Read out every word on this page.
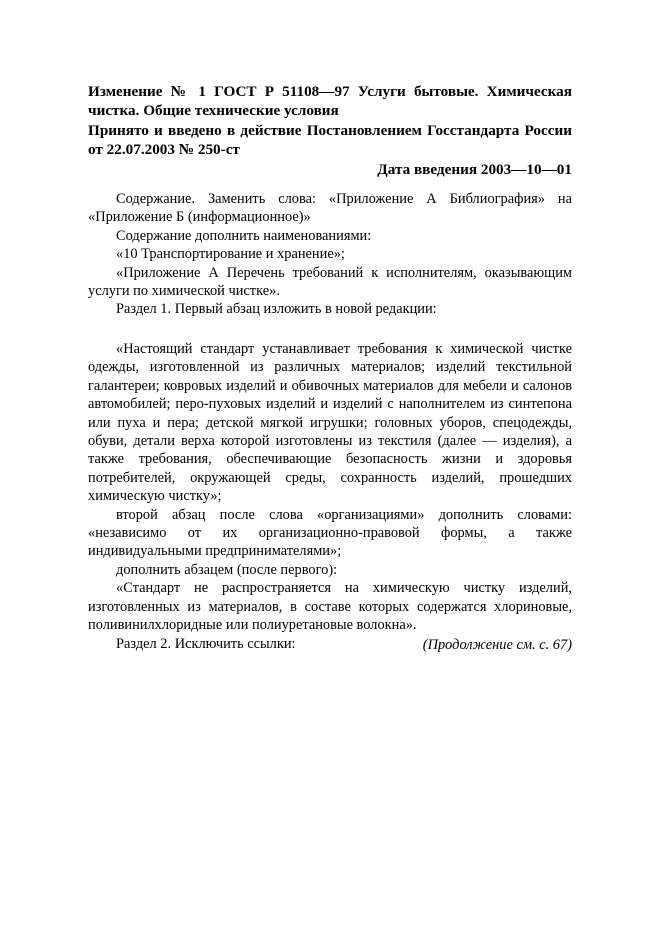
Изменение № 1 ГОСТ Р 51108—97 Услуги бытовые. Химическая чистка. Общие технические условия
Принято и введено в действие Постановлением Госстандарта России от 22.07.2003 № 250-ст
Дата введения 2003—10—01

Содержание. Заменить слова: «Приложение А Библиография» на «Приложение Б (информационное)»

Содержание дополнить наименованиями:

«10 Транспортирование и хранение»;

«Приложение А Перечень требований к исполнителям, оказывающим услуги по химической чистке».

Раздел 1. Первый абзац изложить в новой редакции:

«Настоящий стандарт устанавливает требования к химической чистке одежды, изготовленной из различных материалов; изделий текстильной галантереи; ковровых изделий и обивочных материалов для мебели и салонов автомобилей; перо-пуховых изделий и изделий с наполнителем из синтепона или пуха и пера; детской мягкой игрушки; головных уборов, спецодежды, обуви, детали верха которой изготовлены из текстиля (далее — изделия), а также требования, обеспечивающие безопасность жизни и здоровья потребителей, окружающей среды, сохранность изделий, прошедших химическую чистку»;

второй абзац после слова «организациями» дополнить словами: «независимо от их организационно-правовой формы, а также индивидуальными предпринимателями»;

дополнить абзацем (после первого):

«Стандарт не распространяется на химическую чистку изделий, изготовленных из материалов, в составе которых содержатся хлориновые, поливинилхлоридные или полиуретановые волокна».

Раздел 2. Исключить ссылки:	(Продолжение см. с. 67)
